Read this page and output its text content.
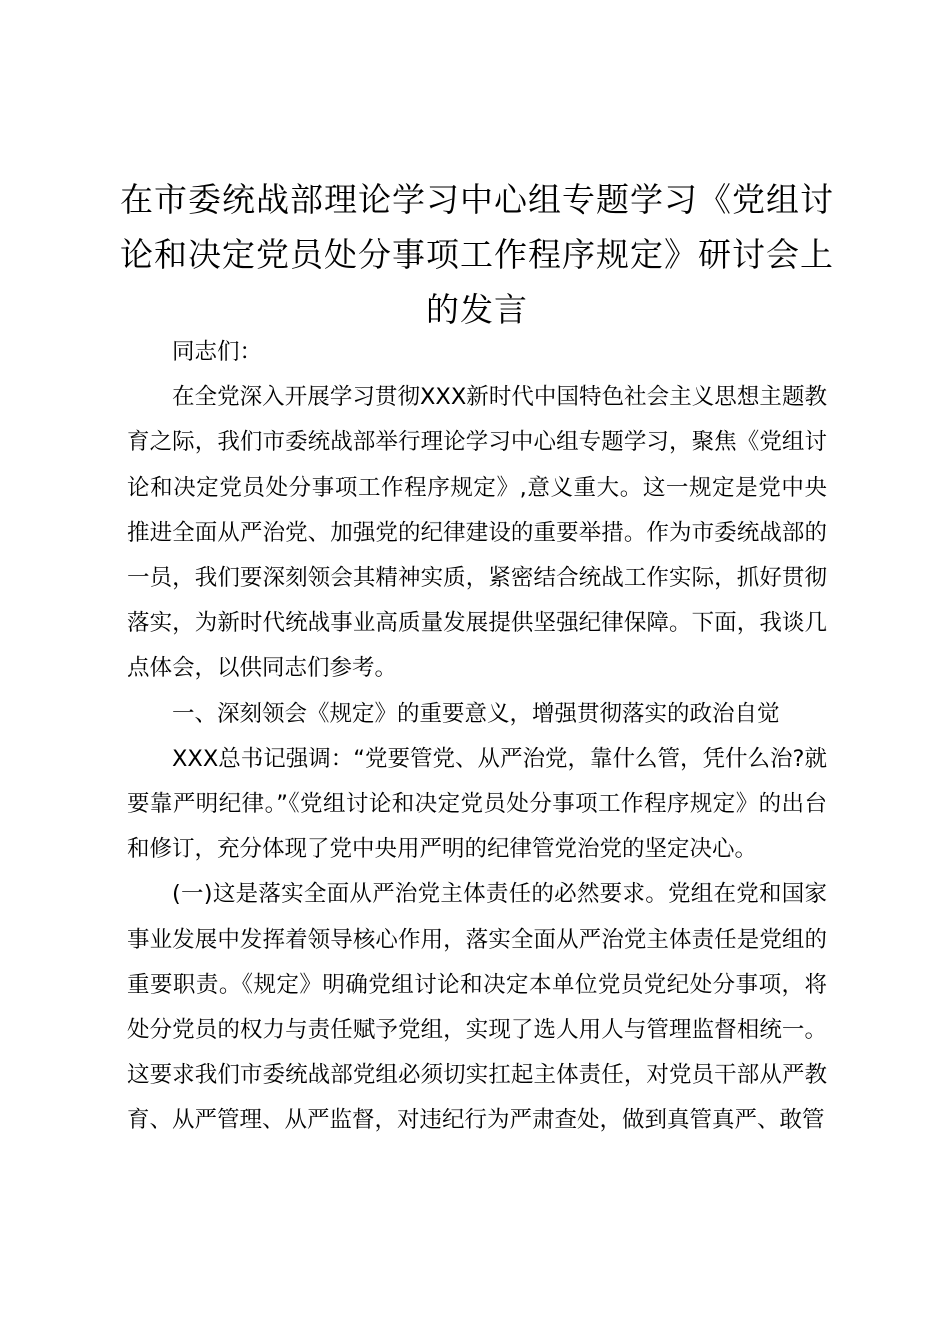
在市委统战部理论学习中心组专题学习《党组讨论和决定党员处分事项工作程序规定》研讨会上的发言

同志们：

在全党深入开展学习贯彻XXX新时代中国特色社会主义思想主题教育之际，我们市委统战部举行理论学习中心组专题学习，聚焦《党组讨论和决定党员处分事项工作程序规定》,意义重大。这一规定是党中央推进全面从严治党、加强党的纪律建设的重要举措。作为市委统战部的一员，我们要深刻领会其精神实质，紧密结合统战工作实际，抓好贯彻落实，为新时代统战事业高质量发展提供坚强纪律保障。下面，我谈几点体会，以供同志们参考。

一、深刻领会《规定》的重要意义，增强贯彻落实的政治自觉

XXX总书记强调：“党要管党、从严治党，靠什么管，凭什么治?就要靠严明纪律。”《党组讨论和决定党员处分事项工作程序规定》的出台和修订，充分体现了党中央用严明的纪律管党治党的坚定决心。

(一)这是落实全面从严治党主体责任的必然要求。党组在党和国家事业发展中发挥着领导核心作用，落实全面从严治党主体责任是党组的重要职责。《规定》明确党组讨论和决定本单位党员党纪处分事项，将处分党员的权力与责任赋予党组，实现了选人用人与管理监督相统一。这要求我们市委统战部党组必须切实扛起主体责任，对党员干部从严教育、从严管理、从严监督，对违纪行为严肃查处，做到真管真严、敢管
